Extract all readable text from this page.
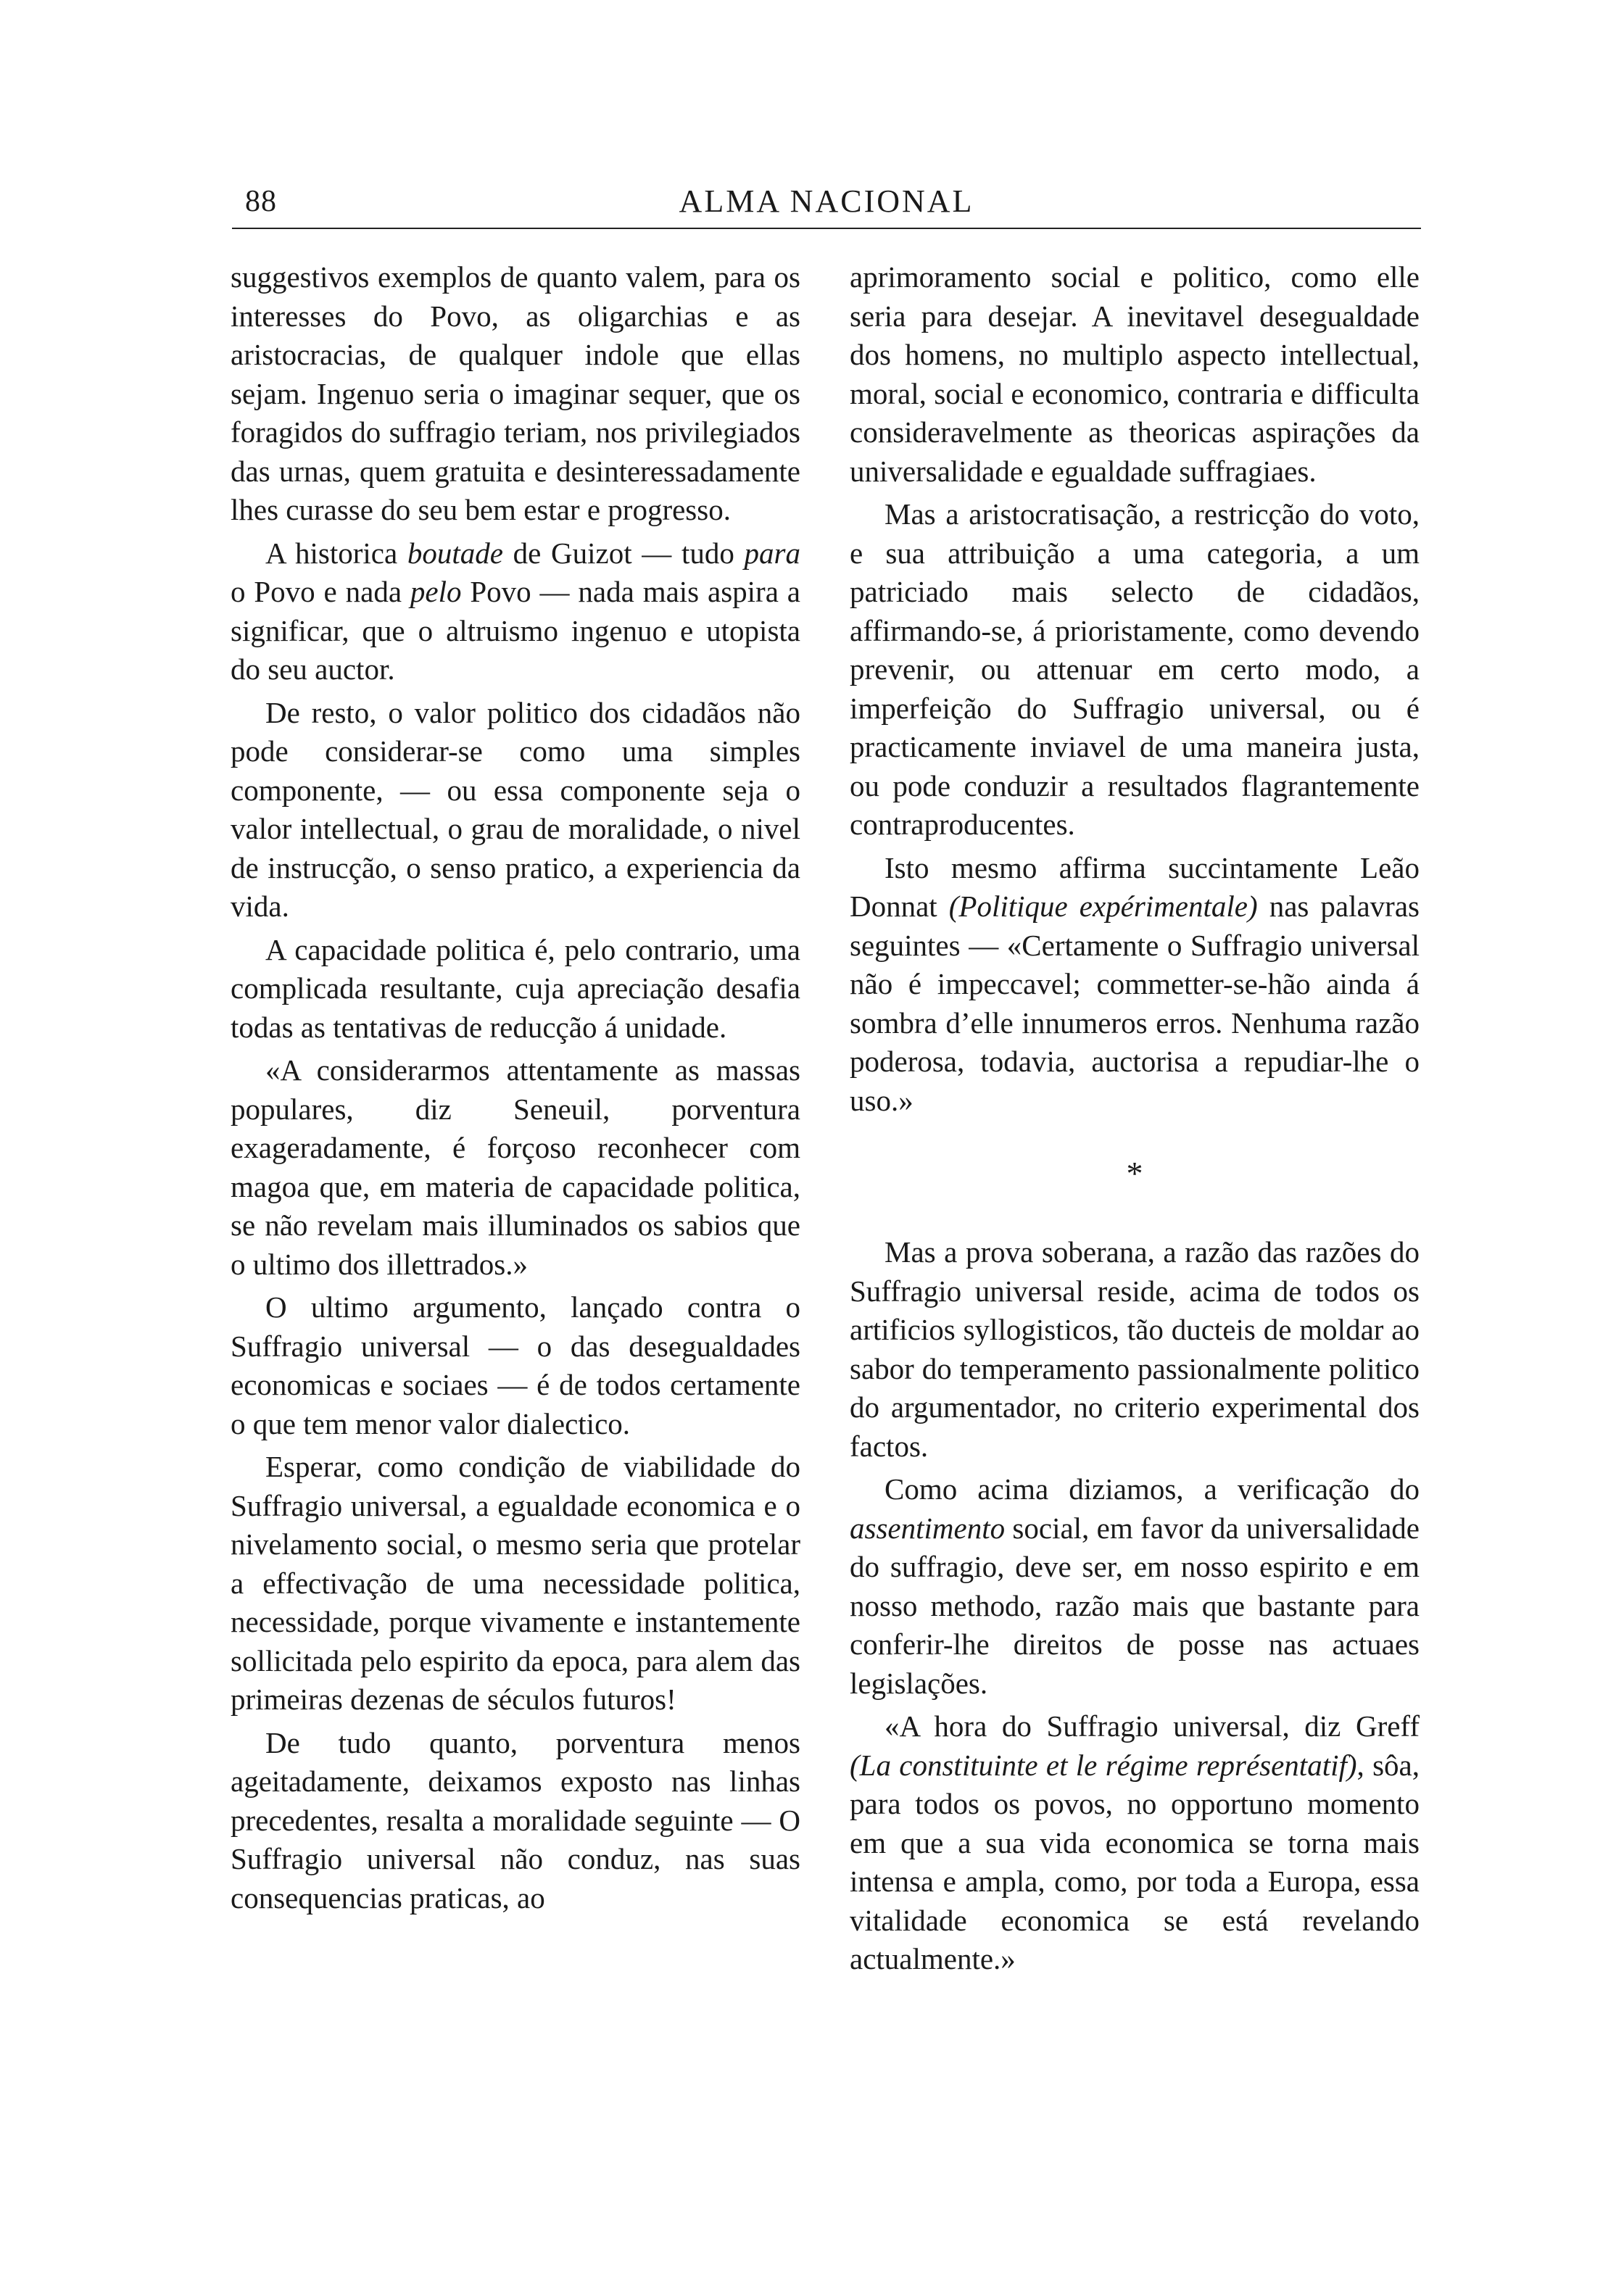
88	ALMA NACIONAL

suggestivos exemplos de quanto valem, para os interesses do Povo, as oligarchias e as aristocracias, de qualquer indole que ellas sejam. Ingenuo seria o imaginar sequer, que os foragidos do suffragio teriam, nos privilegiados das urnas, quem gratuita e desinteressadamente lhes curasse do seu bem estar e progresso.

A historica boutade de Guizot — tudo para o Povo e nada pelo Povo — nada mais aspira a significar, que o altruismo ingenuo e utopista do seu auctor.

De resto, o valor politico dos cidadãos não pode considerar-se como uma simples componente, — ou essa componente seja o valor intellectual, o grau de moralidade, o nivel de instrucção, o senso pratico, a experiencia da vida.

A capacidade politica é, pelo contrario, uma complicada resultante, cuja apreciação desafia todas as tentativas de reducção á unidade.

«A considerarmos attentamente as massas populares, diz Seneuil, porventura exageradamente, é forçoso reconhecer com magoa que, em materia de capacidade politica, se não revelam mais illuminados os sabios que o ultimo dos illettrados.»

O ultimo argumento, lançado contra o Suffragio universal — o das desegualdades economicas e sociaes — é de todos certamente o que tem menor valor dialectico.

Esperar, como condição de viabilidade do Suffragio universal, a egualdade economica e o nivelamento social, o mesmo seria que protelar a effectivação de uma necessidade politica, necessidade, porque vivamente e instantemente sollicitada pelo espirito da epoca, para alem das primeiras dezenas de séculos futuros!

De tudo quanto, porventura menos ageitadamente, deixamos exposto nas linhas precedentes, resalta a moralidade seguinte — O Suffragio universal não conduz, nas suas consequencias praticas, ao

aprimoramento social e politico, como elle seria para desejar. A inevitavel desegualdade dos homens, no multiplo aspecto intellectual, moral, social e economico, contraria e difficulta consideravelmente as theoricas aspirações da universalidade e egualdade suffragiaes.

Mas a aristocratisação, a restricção do voto, e sua attribuição a uma categoria, a um patriciado mais selecto de cidadãos, affirmando-se, á prioristamente, como devendo prevenir, ou attenuar em certo modo, a imperfeição do Suffragio universal, ou é practicamente inviavel de uma maneira justa, ou pode conduzir a resultados flagrantemente contraproducentes.

Isto mesmo affirma succintamente Leão Donnat (Politique expérimentale) nas palavras seguintes — «Certamente o Suffragio universal não é impeccavel; commetter-se-hão ainda á sombra d’elle innumeros erros. Nenhuma razão poderosa, todavia, auctorisa a repudiar-lhe o uso.»

*

Mas a prova soberana, a razão das razões do Suffragio universal reside, acima de todos os artificios syllogisticos, tão ducteis de moldar ao sabor do temperamento passionalmente politico do argumentador, no criterio experimental dos factos.

Como acima diziamos, a verificação do assentimento social, em favor da universalidade do suffragio, deve ser, em nosso espirito e em nosso methodo, razão mais que bastante para conferir-lhe direitos de posse nas actuaes legislações.

«A hora do Suffragio universal, diz Greff (La constituinte et le régime représentatif), sôa, para todos os povos, no opportuno momento em que a sua vida economica se torna mais intensa e ampla, como, por toda a Europa, essa vitalidade economica se está revelando actualmente.»
